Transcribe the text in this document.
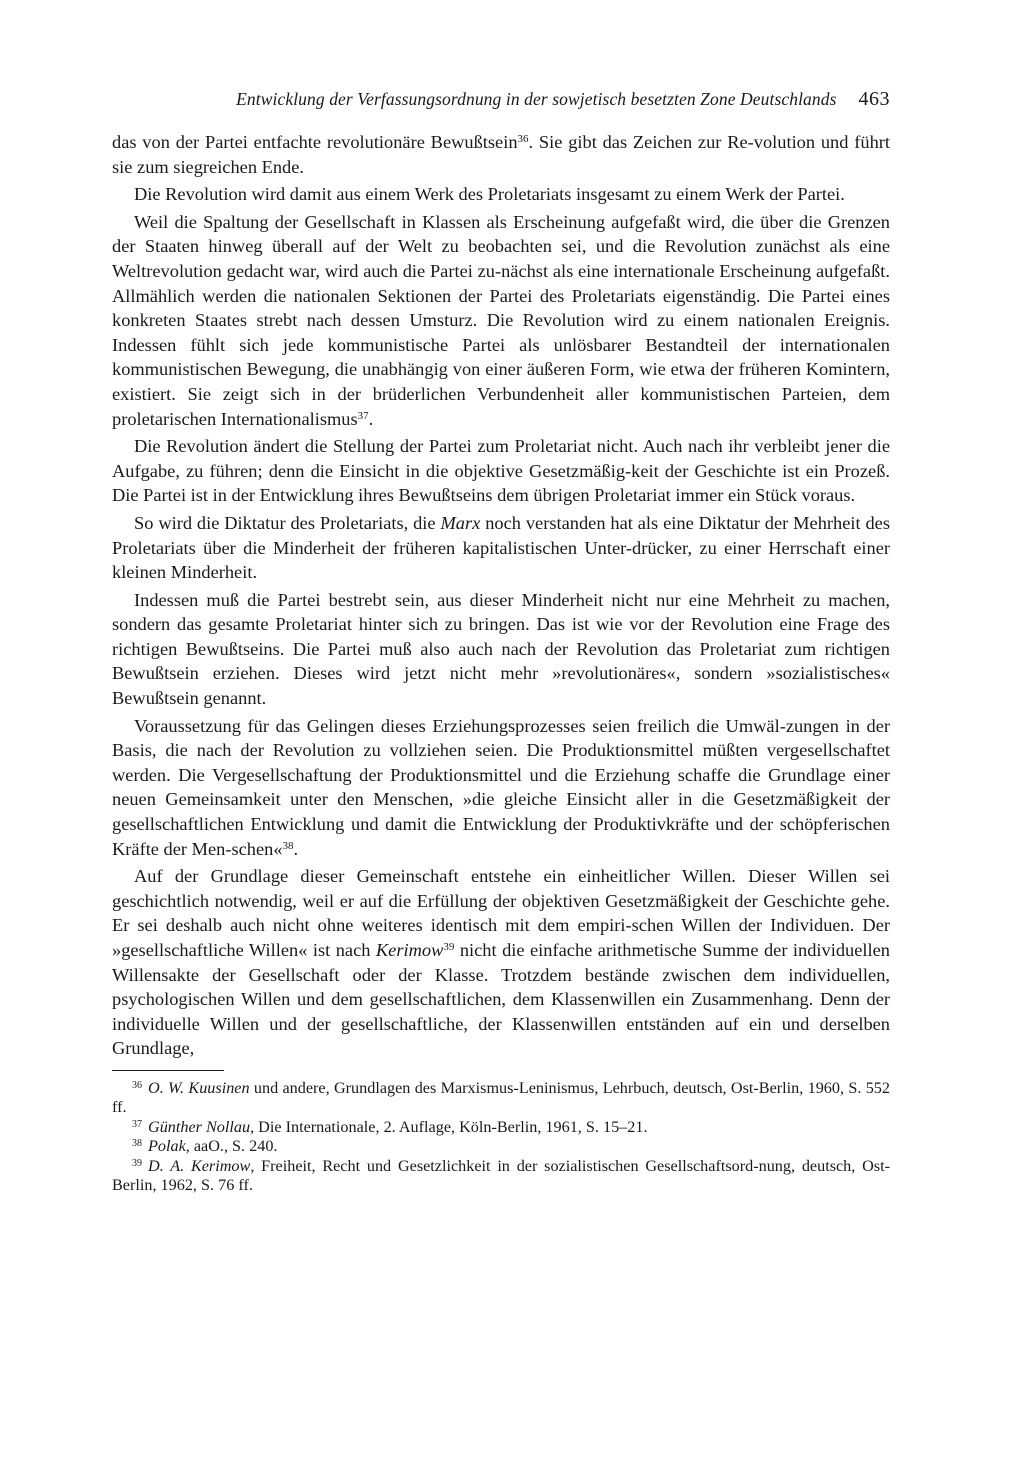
Entwicklung der Verfassungsordnung in der sowjetisch besetzten Zone Deutschlands 463

das von der Partei entfachte revolutionäre Bewußtsein$^{36}$. Sie gibt das Zeichen zur Re-volution und führt sie zum siegreichen Ende.

Die Revolution wird damit aus einem Werk des Proletariats insgesamt zu einem Werk der Partei.

Weil die Spaltung der Gesellschaft in Klassen als Erscheinung aufgefaßt wird, die über die Grenzen der Staaten hinweg überall auf der Welt zu beobachten sei, und die Revolution zunächst als eine Weltrevolution gedacht war, wird auch die Partei zu-nächst als eine internationale Erscheinung aufgefaßt. Allmählich werden die nationalen Sektionen der Partei des Proletariats eigenständig. Die Partei eines konkreten Staates strebt nach dessen Umsturz. Die Revolution wird zu einem nationalen Ereignis. Indessen fühlt sich jede kommunistische Partei als unlösbarer Bestandteil der internationalen kommunistischen Bewegung, die unabhängig von einer äußeren Form, wie etwa der früheren Komintern, existiert. Sie zeigt sich in der brüderlichen Verbundenheit aller kommunistischen Parteien, dem proletarischen Internationalismus$^{37}$.

Die Revolution ändert die Stellung der Partei zum Proletariat nicht. Auch nach ihr verbleibt jener die Aufgabe, zu führen; denn die Einsicht in die objektive Gesetzmäßig-keit der Geschichte ist ein Prozeß. Die Partei ist in der Entwicklung ihres Bewußtseins dem übrigen Proletariat immer ein Stück voraus.

So wird die Diktatur des Proletariats, die Marx noch verstanden hat als eine Diktatur der Mehrheit des Proletariats über die Minderheit der früheren kapitalistischen Unter-drücker, zu einer Herrschaft einer kleinen Minderheit.

Indessen muß die Partei bestrebt sein, aus dieser Minderheit nicht nur eine Mehrheit zu machen, sondern das gesamte Proletariat hinter sich zu bringen. Das ist wie vor der Revolution eine Frage des richtigen Bewußtseins. Die Partei muß also auch nach der Revolution das Proletariat zum richtigen Bewußtsein erziehen. Dieses wird jetzt nicht mehr »revolutionäres«, sondern »sozialistisches« Bewußtsein genannt.

Voraussetzung für das Gelingen dieses Erziehungsprozesses seien freilich die Umwäl-zungen in der Basis, die nach der Revolution zu vollziehen seien. Die Produktionsmittel müßten vergesellschaftet werden. Die Vergesellschaftung der Produktionsmittel und die Erziehung schaffe die Grundlage einer neuen Gemeinsamkeit unter den Menschen, »die gleiche Einsicht aller in die Gesetzmäßigkeit der gesellschaftlichen Entwicklung und damit die Entwicklung der Produktivkräfte und der schöpferischen Kräfte der Men-schen«$^{38}$.

Auf der Grundlage dieser Gemeinschaft entstehe ein einheitlicher Willen. Dieser Willen sei geschichtlich notwendig, weil er auf die Erfüllung der objektiven Gesetzmäßigkeit der Geschichte gehe. Er sei deshalb auch nicht ohne weiteres identisch mit dem empiri-schen Willen der Individuen. Der »gesellschaftliche Willen« ist nach Kerimow$^{39}$ nicht die einfache arithmetische Summe der individuellen Willensakte der Gesellschaft oder der Klasse. Trotzdem bestände zwischen dem individuellen, psychologischen Willen und dem gesellschaftlichen, dem Klassenwillen ein Zusammenhang. Denn der individuelle Willen und der gesellschaftliche, der Klassenwillen entständen auf ein und derselben Grundlage,

$^{36}$ O. W. Kuusinen und andere, Grundlagen des Marxismus-Leninismus, Lehrbuch, deutsch, Ost-Berlin, 1960, S. 552 ff.

$^{37}$ Günther Nollau, Die Internationale, 2. Auflage, Köln-Berlin, 1961, S. 15–21.

$^{38}$ Polak, aaO., S. 240.

$^{39}$ D. A. Kerimow, Freiheit, Recht und Gesetzlichkeit in der sozialistischen Gesellschaftsord-nung, deutsch, Ost-Berlin, 1962, S. 76 ff.
